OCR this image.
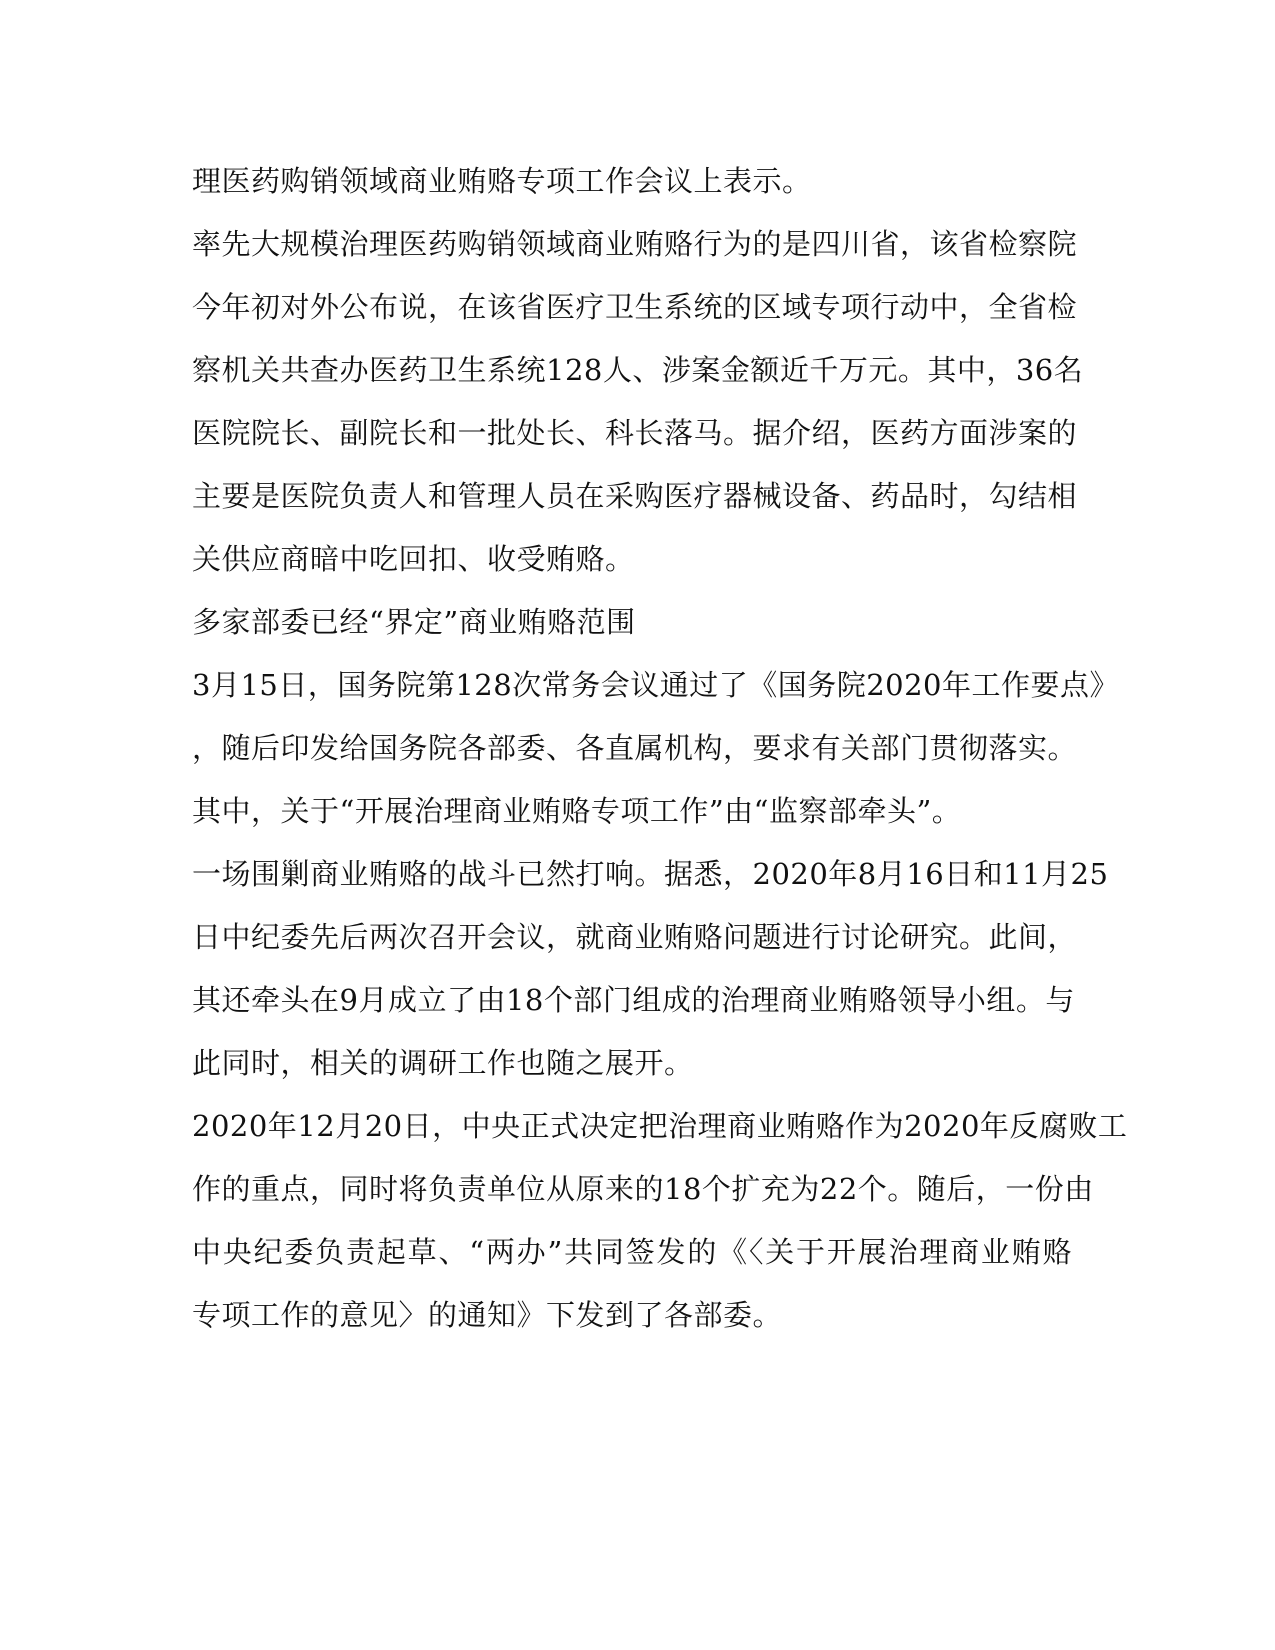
理医药购销领域商业贿赂专项工作会议上表示。
率先大规模治理医药购销领域商业贿赂行为的是四川省，该省检察院
今年初对外公布说，在该省医疗卫生系统的区域专项行动中，全省检
察机关共查办医药卫生系统128人、涉案金额近千万元。其中，36名
医院院长、副院长和一批处长、科长落马。据介绍，医药方面涉案的
主要是医院负责人和管理人员在采购医疗器械设备、药品时，勾结相
关供应商暗中吃回扣、收受贿赂。
多家部委已经“界定”商业贿赂范围
3月15日，国务院第128次常务会议通过了《国务院2020年工作要点》
，随后印发给国务院各部委、各直属机构，要求有关部门贯彻落实。
其中，关于“开展治理商业贿赂专项工作”由“监察部牵头”。
一场围剿商业贿赂的战斗已然打响。据悉，2020年8月16日和11月25
日中纪委先后两次召开会议，就商业贿赂问题进行讨论研究。此间，
其还牵头在9月成立了由18个部门组成的治理商业贿赂领导小组。与
此同时，相关的调研工作也随之展开。
2020年12月20日，中央正式决定把治理商业贿赂作为2020年反腐败工
作的重点，同时将负责单位从原来的18个扩充为22个。随后，一份由
中央纪委负责起草、“两办”共同签发的《〈关于开展治理商业贿赂
专项工作的意见〉的通知》下发到了各部委。
